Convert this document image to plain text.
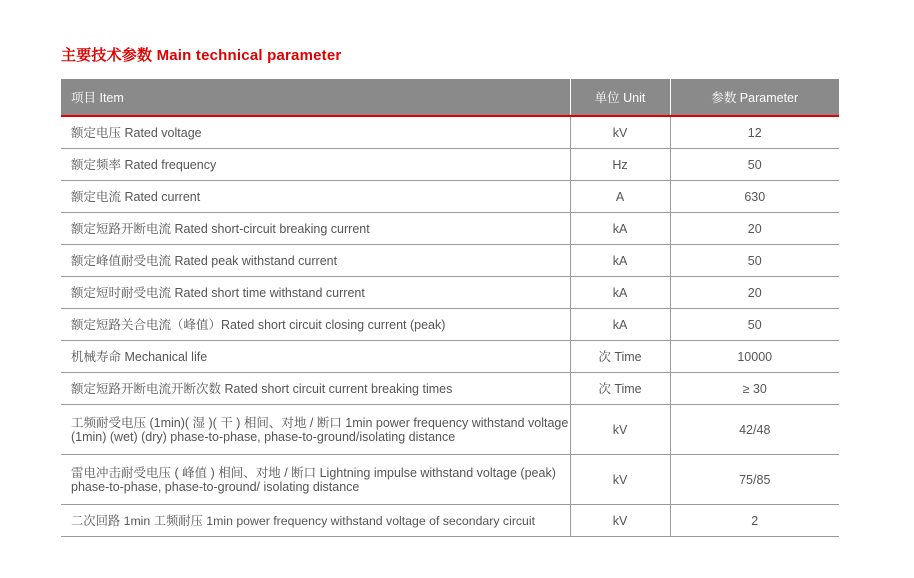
主要技术参数 Main technical parameter
项目 Item	单位 Unit	参数 Parameter
额定电压 Rated voltage	kV	12
额定频率 Rated frequency	Hz	50
额定电流 Rated current	A	630
额定短路开断电流 Rated short-circuit breaking current	kA	20
额定峰值耐受电流 Rated peak withstand current	kA	50
额定短时耐受电流 Rated short time withstand current	kA	20
额定短路关合电流（峰值）Rated short circuit closing current (peak)	kA	50
机械寿命 Mechanical life	次 Time	10000
额定短路开断电流开断次数 Rated short circuit current breaking times	次 Time	≥ 30
工频耐受电压 (1min)( 湿 )( 干 ) 相间、对地 / 断口 1min power frequency withstand voltage (1min) (wet) (dry) phase-to-phase, phase-to-ground/isolating distance	kV	42/48
雷电冲击耐受电压 ( 峰值 ) 相间、对地 / 断口 Lightning impulse withstand voltage (peak) phase-to-phase, phase-to-ground/ isolating distance	kV	75/85
二次回路 1min 工频耐压 1min power frequency withstand voltage of secondary circuit	kV	2
